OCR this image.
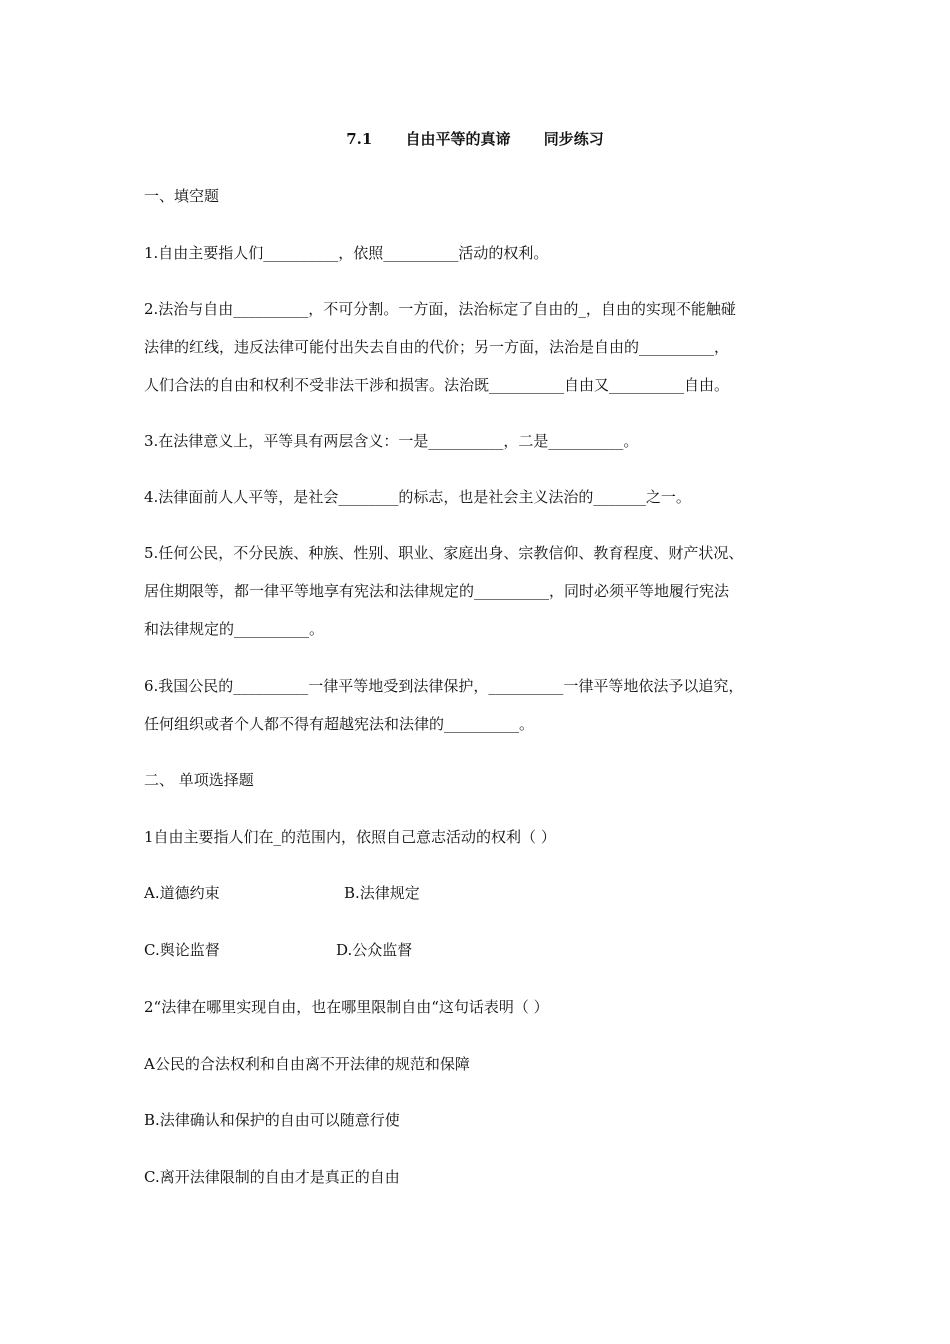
7.1 自由平等的真谛 同步练习
一、填空题
1.自由主要指人们__________，依照__________活动的权利。
2.法治与自由__________，不可分割。一方面，法治标定了自由的_，自由的实现不能触碰
法律的红线，违反法律可能付出失去自由的代价；另一方面，法治是自由的__________，
人们合法的自由和权利不受非法干涉和损害。法治既__________自由又__________自由。
3.在法律意义上，平等具有两层含义：一是__________，二是__________。
4.法律面前人人平等，是社会________的标志，也是社会主义法治的_______之一。
5.任何公民，不分民族、种族、性别、职业、家庭出身、宗教信仰、教育程度、财产状况、
居住期限等，都一律平等地享有宪法和法律规定的__________，同时必须平等地履行宪法
和法律规定的__________。
6.我国公民的__________一律平等地受到法律保护，__________一律平等地依法予以追究，
任何组织或者个人都不得有超越宪法和法律的__________。
二、 单项选择题
1自由主要指人们在_的范围内，依照自己意志活动的权利（ ）
A.道德约束	B.法律规定
C.舆论监督	D.公众监督
2“法律在哪里实现自由，也在哪里限制自由“这句话表明（ ）
A公民的合法权利和自由离不开法律的规范和保障
B.法律确认和保护的自由可以随意行使
C.离开法律限制的自由才是真正的自由
